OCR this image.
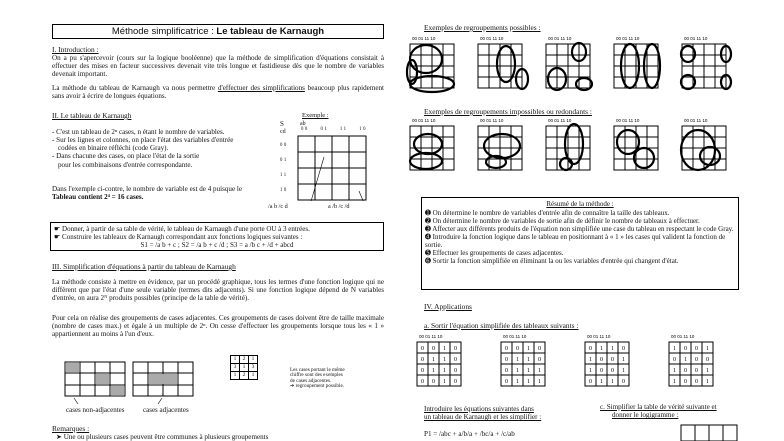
Méthode simplificatrice : Le tableau de Karnaugh
I. Introduction :
On a pu s'apercevoir (cours sur la logique booléenne) que la méthode de simplification d'équations consistait à effectuer des mises en facteur successives devenait vite très longue et fastidieuse dès que le nombre de variables devenait important.
La méthode du tableau de Karnaugh va nous permettre d'effectuer des simplifications beaucoup plus rapidement sans avoir à écrire de longues équations.
II. Le tableau de Karnaugh
- C'est un tableau de 2ⁿ cases, n étant le nombre de variables.
- Sur les lignes et colonnes, on place l'état des variables d'entrée
codées en binaire réfléchi (code Gray).
- Dans chacune des cases, on place l'état de la sortie
pour les combinaisons d'entrée correspondante.
Dans l'exemple ci-contre, le nombre de variable est de 4 puisque le
Tableau contient 2⁴ = 16 cases.
Exemple :
S	ab
cd	00 01 11 10
00
01
11
10
/a b /c d	a /b /c /d
☛ Donner, à partir de sa table de vérité, le tableau de Karnaugh d'une porte OU à 3 entrées.
☛ Construire les tableaux de Karnaugh correspondant aux fonctions logiques suivantes :
S1 = /a b + c ; S2 = /a b + c /d ; S3 = a /b c + /d + abcd
III. Simplification d'équations à partir du tableau de Karnaugh
La méthode consiste à mettre en évidence, par un procédé graphique, tous les termes d'une fonction logique qui ne diffèrent que par l'état d'une seule variable (termes dits adjacents). Si une fonction logique dépend de N variables d'entrée, on aura 2ᴺ produits possibles (principe de la table de vérité).
Pour cela on réalise des groupements de cases adjacentes. Ces groupements de cases doivent être de taille maximale (nombre de cases max.) et égale à un multiple de 2ⁿ. On cesse d'effectuer les groupements lorsque tous les « 1 » appartiennent au moins à l'un d'eux.
cases non-adjacentes	cases adjacentes
1	2	1
3	1	3
1	2	1
Les cases portant le même
chiffre sont des exemples
de cases adjacentes.
➔ regroupement possible.
Remarques :
➤ Une ou plusieurs cases peuvent être communes à plusieurs groupements
Exemples de regroupements possibles :
00 01 11 10	00 01 11 10	00 01 11 10	00 01 11 10	00 01 11 10
Exemples de regroupements impossibles ou redondants :
00 01 11 10	00 01 11 10	00 01 11 10	00 01 11 10	00 01 11 10
Résumé de la méthode :
➊ On détermine le nombre de variables d'entrée afin de connaître la taille des tableaux.
➋ On détermine le nombre de variables de sortie afin de définir le nombre de tableaux à effectuer.
➌ Affecter aux différents produits de l'équation non simplifiée une case du tableau en respectant le code Gray.
➍ Introduire la fonction logique dans le tableau en positionnant à « 1 » les cases qui valident la fonction de sortie.
➎ Effectuer les groupements de cases adjacentes.
➏ Sortir la fonction simplifiée en éliminant la ou les variables d'entrée qui changent d'état.
IV. Applications
a. Sortir l'équation simplifiée des tableaux suivants :
00 01 11 10
0 0 1 0
0 1 1 0
0 1 1 0
0 0 1 0
00 01 11 10
0 0 1 0
0 1 1 0
0 1 1 1
0 1 1 1
00 01 11 10
0 1 1 0
1 0 0 1
1 0 0 1
0 1 1 0
00 01 11 10
1 0 0 1
0 1 0 0
1 0 0 1
1 0 0 1
Introduire les équations suivantes dans
un tableau de Karnaugh et les simplifier :
P1 = /abc + a/b/a + /bc/a + /c/ab
c. Simplifier la table de vérité suivante et
donner le logigramme :
